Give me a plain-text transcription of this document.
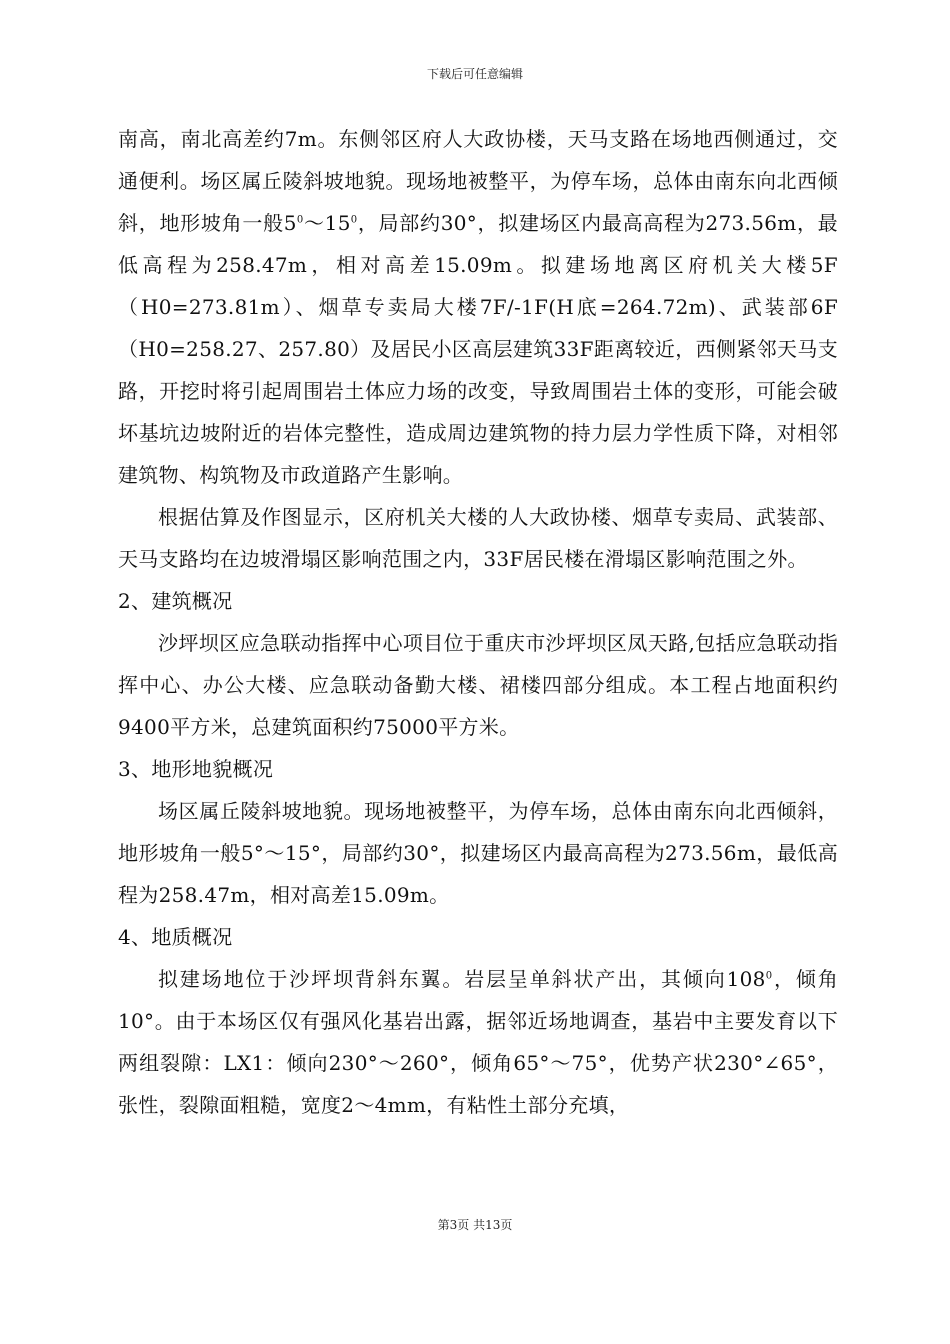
下载后可任意编辑

南高，南北高差约7m。东侧邻区府人大政协楼，天马支路在场地西侧通过，交通便利。场区属丘陵斜坡地貌。现场地被整平，为停车场，总体由南东向北西倾斜，地形坡角一般$5^0\sim 15^0$，局部约30°，拟建场区内最高高程为273.56m，最低高程为258.47m，相对高差15.09m。拟建场地离区府机关大楼5F（H0=273.81m）、烟草专卖局大楼7F/-1F(H底=264.72m)、武装部6F（H0=258.27、257.80）及居民小区高层建筑33F距离较近，西侧紧邻天马支路，开挖时将引起周围岩土体应力场的改变，导致周围岩土体的变形，可能会破坏基坑边坡附近的岩体完整性，造成周边建筑物的持力层力学性质下降，对相邻建筑物、构筑物及市政道路产生影响。

根据估算及作图显示，区府机关大楼的人大政协楼、烟草专卖局、武装部、天马支路均在边坡滑塌区影响范围之内，33F居民楼在滑塌区影响范围之外。

2、建筑概况

沙坪坝区应急联动指挥中心项目位于重庆市沙坪坝区凤天路,包括应急联动指挥中心、办公大楼、应急联动备勤大楼、裙楼四部分组成。本工程占地面积约9400平方米，总建筑面积约75000平方米。

3、地形地貌概况

场区属丘陵斜坡地貌。现场地被整平，为停车场，总体由南东向北西倾斜，地形坡角一般5°～15°，局部约30°，拟建场区内最高高程为273.56m，最低高程为258.47m，相对高差15.09m。

4、地质概况

拟建场地位于沙坪坝背斜东翼。岩层呈单斜状产出，其倾向$108^0$，倾角10°。由于本场区仅有强风化基岩出露，据邻近场地调查，基岩中主要发育以下两组裂隙：LX1：倾向230°～260°，倾角65°～75°，优势产状230°∠65°，张性，裂隙面粗糙，宽度2～4mm，有粘性土部分充填，

第3页 共13页
